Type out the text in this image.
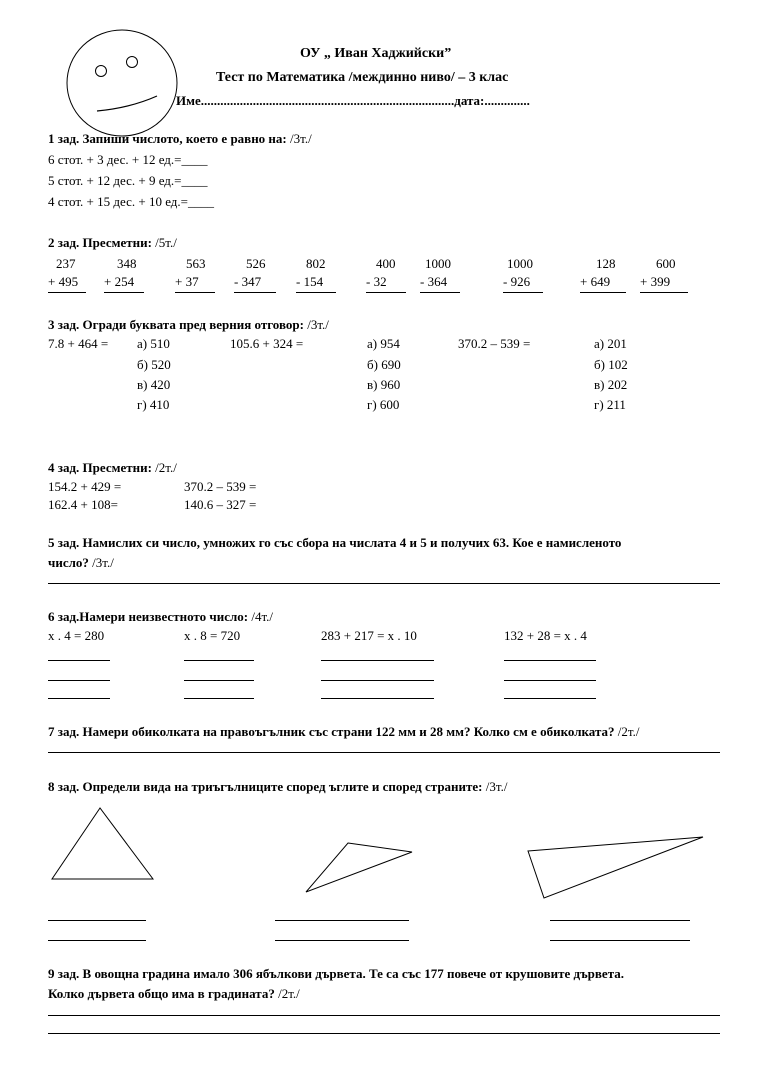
ОУ „ Иван Хаджийски”
Тест по Математика /междинно ниво/ – 3 клас
Име..............................................................................дата:..............
1 зад. Запиши числото, което е равно на: /3т./
6 стот. + 3 дес. + 12 ед.=____
5 стот. + 12 дес. + 9 ед.=____
4 стот. + 15 дес. + 10 ед.=____
2 зад. Пресметни: /5т./
237
+ 495
348
+ 254
563
+ 37
526
- 347
802
- 154
400
- 32
1000
- 364
1000
- 926
128
+ 649
600
+ 399
3 зад. Огради буквата пред верния отговор: /3т./
7.8 + 464 = а) 510
б) 520
в) 420
г) 410
105.6 + 324 =	а) 954
б) 690
в) 960
г) 600
370.2 – 539 =	а) 201
б) 102
в) 202
г) 211
4 зад. Пресметни: /2т./
154.2 + 429 =	370.2 – 539 =
162.4 + 108=	140.6 – 327 =
5 зад. Намислих си число, умножих го със сбора на числата 4 и 5 и получих 63. Кое е намисленото
число? /3т./
6 зад.Намери неизвестното число: /4т./
x . 4 = 280	x . 8 = 720	283 + 217 = x . 10	132 + 28 = x . 4
7 зад. Намери обиколката на правоъгълник със страни 122 мм и 28 мм? Колко см е обиколката? /2т./
8 зад. Определи вида на триъгълниците според ъглите и според страните: /3т./
9 зад. В овощна градина имало 306 ябълкови дървета. Те са със 177 повече от крушовите дървета.
Колко дървета общо има в градината? /2т./
